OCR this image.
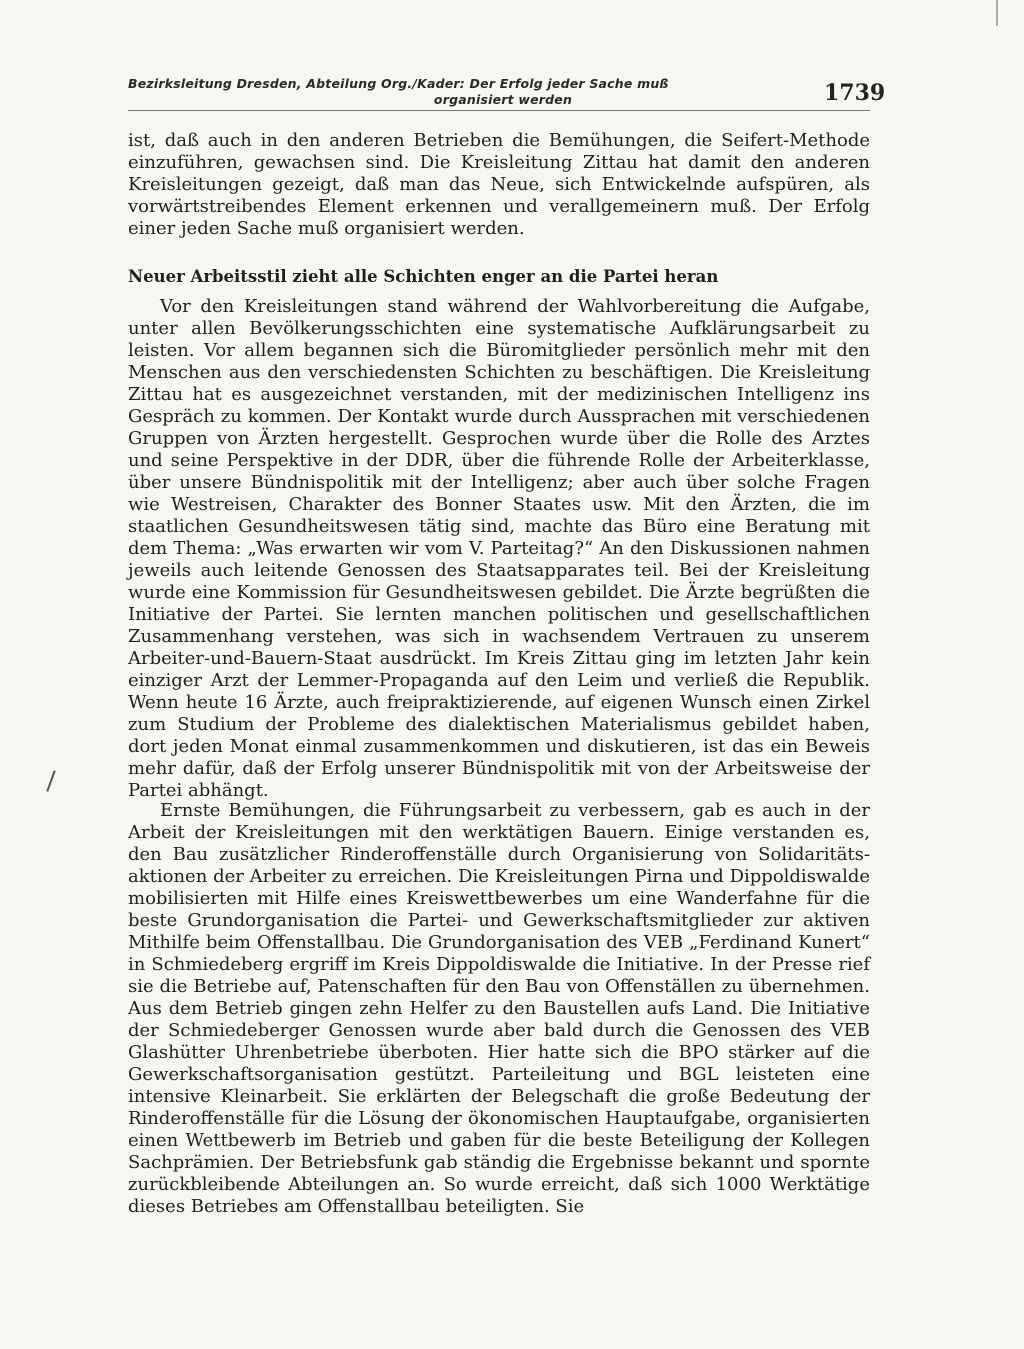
Bezirksleitung Dresden, Abteilung Org./Kader: Der Erfolg jeder Sache muß
organisiert werden	1739

ist, daß auch in den anderen Betrieben die Bemühungen, die Seifert-Methode einzuführen, gewachsen sind. Die Kreisleitung Zittau hat damit den anderen Kreisleitungen gezeigt, daß man das Neue, sich Entwickelnde aufspüren, als vorwärtstreibendes Element erkennen und verallgemeinern muß. Der Erfolg einer jeden Sache muß organisiert werden.

Neuer Arbeitsstil zieht alle Schichten enger an die Partei heran

Vor den Kreisleitungen stand während der Wahlvorbereitung die Aufgabe, unter allen Bevölkerungsschichten eine systematische Aufklärungsarbeit zu leisten. Vor allem begannen sich die Büromitglieder persönlich mehr mit den Menschen aus den verschiedensten Schichten zu beschäftigen. Die Kreisleitung Zittau hat es ausgezeichnet verstanden, mit der medizinischen Intelligenz ins Gespräch zu kommen. Der Kontakt wurde durch Aussprachen mit verschiedenen Gruppen von Ärzten hergestellt. Gesprochen wurde über die Rolle des Arztes und seine Perspektive in der DDR, über die führende Rolle der Arbeiterklasse, über unsere Bündnispolitik mit der Intelligenz; aber auch über solche Fragen wie Westreisen, Charakter des Bonner Staates usw. Mit den Ärzten, die im staatlichen Gesundheitswesen tätig sind, machte das Büro eine Beratung mit dem Thema: „Was erwarten wir vom V. Parteitag?“ An den Diskussionen nahmen jeweils auch leitende Genossen des Staatsapparates teil. Bei der Kreisleitung wurde eine Kommission für Gesundheitswesen gebildet. Die Ärzte begrüßten die Initiative der Partei. Sie lernten manchen politischen und gesellschaftlichen Zusammenhang verstehen, was sich in wachsendem Vertrauen zu unserem Arbeiter-und-Bauern-Staat ausdrückt. Im Kreis Zittau ging im letzten Jahr kein einziger Arzt der Lemmer-Propaganda auf den Leim und verließ die Republik. Wenn heute 16 Ärzte, auch freipraktizierende, auf eigenen Wunsch einen Zirkel zum Studium der Probleme des dialektischen Materialismus gebildet haben, dort jeden Monat einmal zusammenkommen und diskutieren, ist das ein Beweis mehr dafür, daß der Erfolg unserer Bündnispolitik mit von der Arbeitsweise der Partei abhängt.

Ernste Bemühungen, die Führungsarbeit zu verbessern, gab es auch in der Arbeit der Kreisleitungen mit den werktätigen Bauern. Einige verstanden es, den Bau zusätzlicher Rinderoffenställe durch Organisierung von Solidaritätsaktionen der Arbeiter zu erreichen. Die Kreisleitungen Pirna und Dippoldiswalde mobilisierten mit Hilfe eines Kreiswettbewerbes um eine Wanderfahne für die beste Grundorganisation die Partei- und Gewerkschaftsmitglieder zur aktiven Mithilfe beim Offenstallbau. Die Grundorganisation des VEB „Ferdinand Kunert“ in Schmiedeberg ergriff im Kreis Dippoldiswalde die Initiative. In der Presse rief sie die Betriebe auf, Patenschaften für den Bau von Offenställen zu übernehmen. Aus dem Betrieb gingen zehn Helfer zu den Baustellen aufs Land. Die Initiative der Schmiedeberger Genossen wurde aber bald durch die Genossen des VEB Glashütter Uhrenbetriebe überboten. Hier hatte sich die BPO stärker auf die Gewerkschaftsorganisation gestützt. Parteileitung und BGL leisteten eine intensive Kleinarbeit. Sie erklärten der Belegschaft die große Bedeutung der Rinderoffenställe für die Lösung der ökonomischen Hauptaufgabe, organisierten einen Wettbewerb im Betrieb und gaben für die beste Beteiligung der Kollegen Sachprämien. Der Betriebsfunk gab ständig die Ergebnisse bekannt und spornte zurückbleibende Abteilungen an. So wurde erreicht, daß sich 1000 Werktätige dieses Betriebes am Offenstallbau beteiligten. Sie
